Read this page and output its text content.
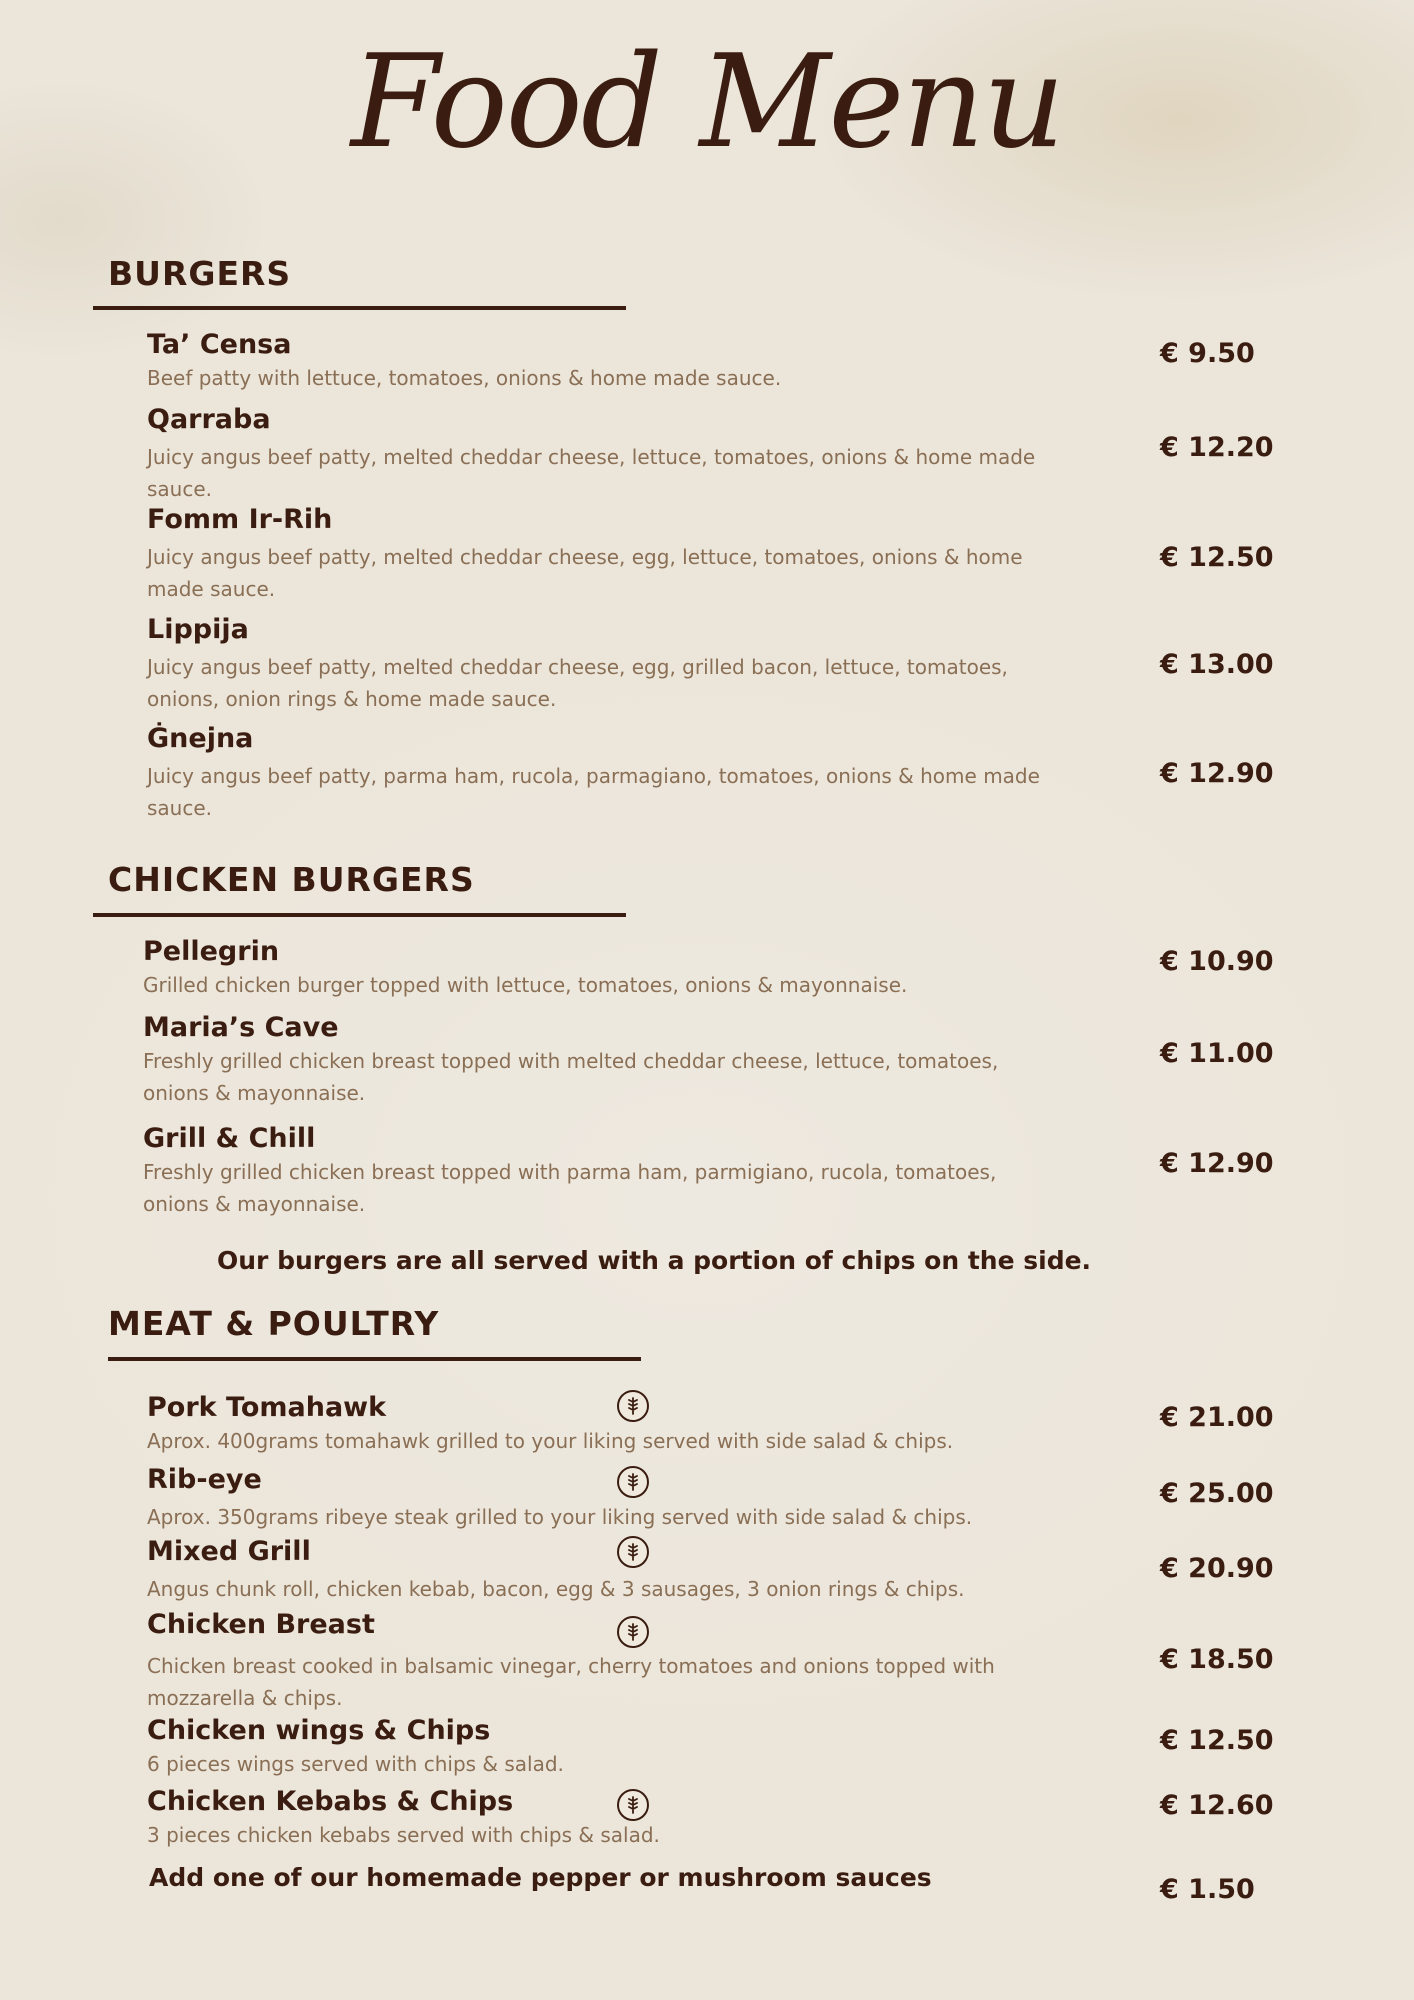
Food Menu
BURGERS
Ta’ Censa
Beef patty with lettuce, tomatoes, onions & home made sauce.
€ 9.50
Qarraba
Juicy angus beef patty, melted cheddar cheese, lettuce, tomatoes, onions & home made sauce.
€ 12.20
Fomm Ir-Rih
Juicy angus beef patty, melted cheddar cheese, egg, lettuce, tomatoes, onions & home made sauce.
€ 12.50
Lippija
Juicy angus beef patty, melted cheddar cheese, egg, grilled bacon, lettuce, tomatoes, onions, onion rings & home made sauce.
€ 13.00
Ġnejna
Juicy angus beef patty, parma ham, rucola, parmagiano, tomatoes, onions & home made sauce.
€ 12.90
CHICKEN BURGERS
Pellegrin
Grilled chicken burger topped with lettuce, tomatoes, onions & mayonnaise.
€ 10.90
Maria’s Cave
Freshly grilled chicken breast topped with melted cheddar cheese, lettuce, tomatoes, onions & mayonnaise.
€ 11.00
Grill & Chill
Freshly grilled chicken breast topped with parma ham, parmigiano, rucola, tomatoes, onions & mayonnaise.
€ 12.90
Our burgers are all served with a portion of chips on the side.
MEAT & POULTRY
Pork Tomahawk
Aprox. 400grams tomahawk grilled to your liking served with side salad & chips.
€ 21.00
Rib-eye
Aprox. 350grams ribeye steak grilled to your liking served with side salad & chips.
€ 25.00
Mixed Grill
Angus chunk roll, chicken kebab, bacon, egg & 3 sausages, 3 onion rings & chips.
€ 20.90
Chicken Breast
Chicken breast cooked in balsamic vinegar, cherry tomatoes and onions topped with mozzarella & chips.
€ 18.50
Chicken wings & Chips
6 pieces wings served with chips & salad.
€ 12.50
Chicken Kebabs & Chips
3 pieces chicken kebabs served with chips & salad.
€ 12.60
Add one of our homemade pepper or mushroom sauces	€ 1.50
